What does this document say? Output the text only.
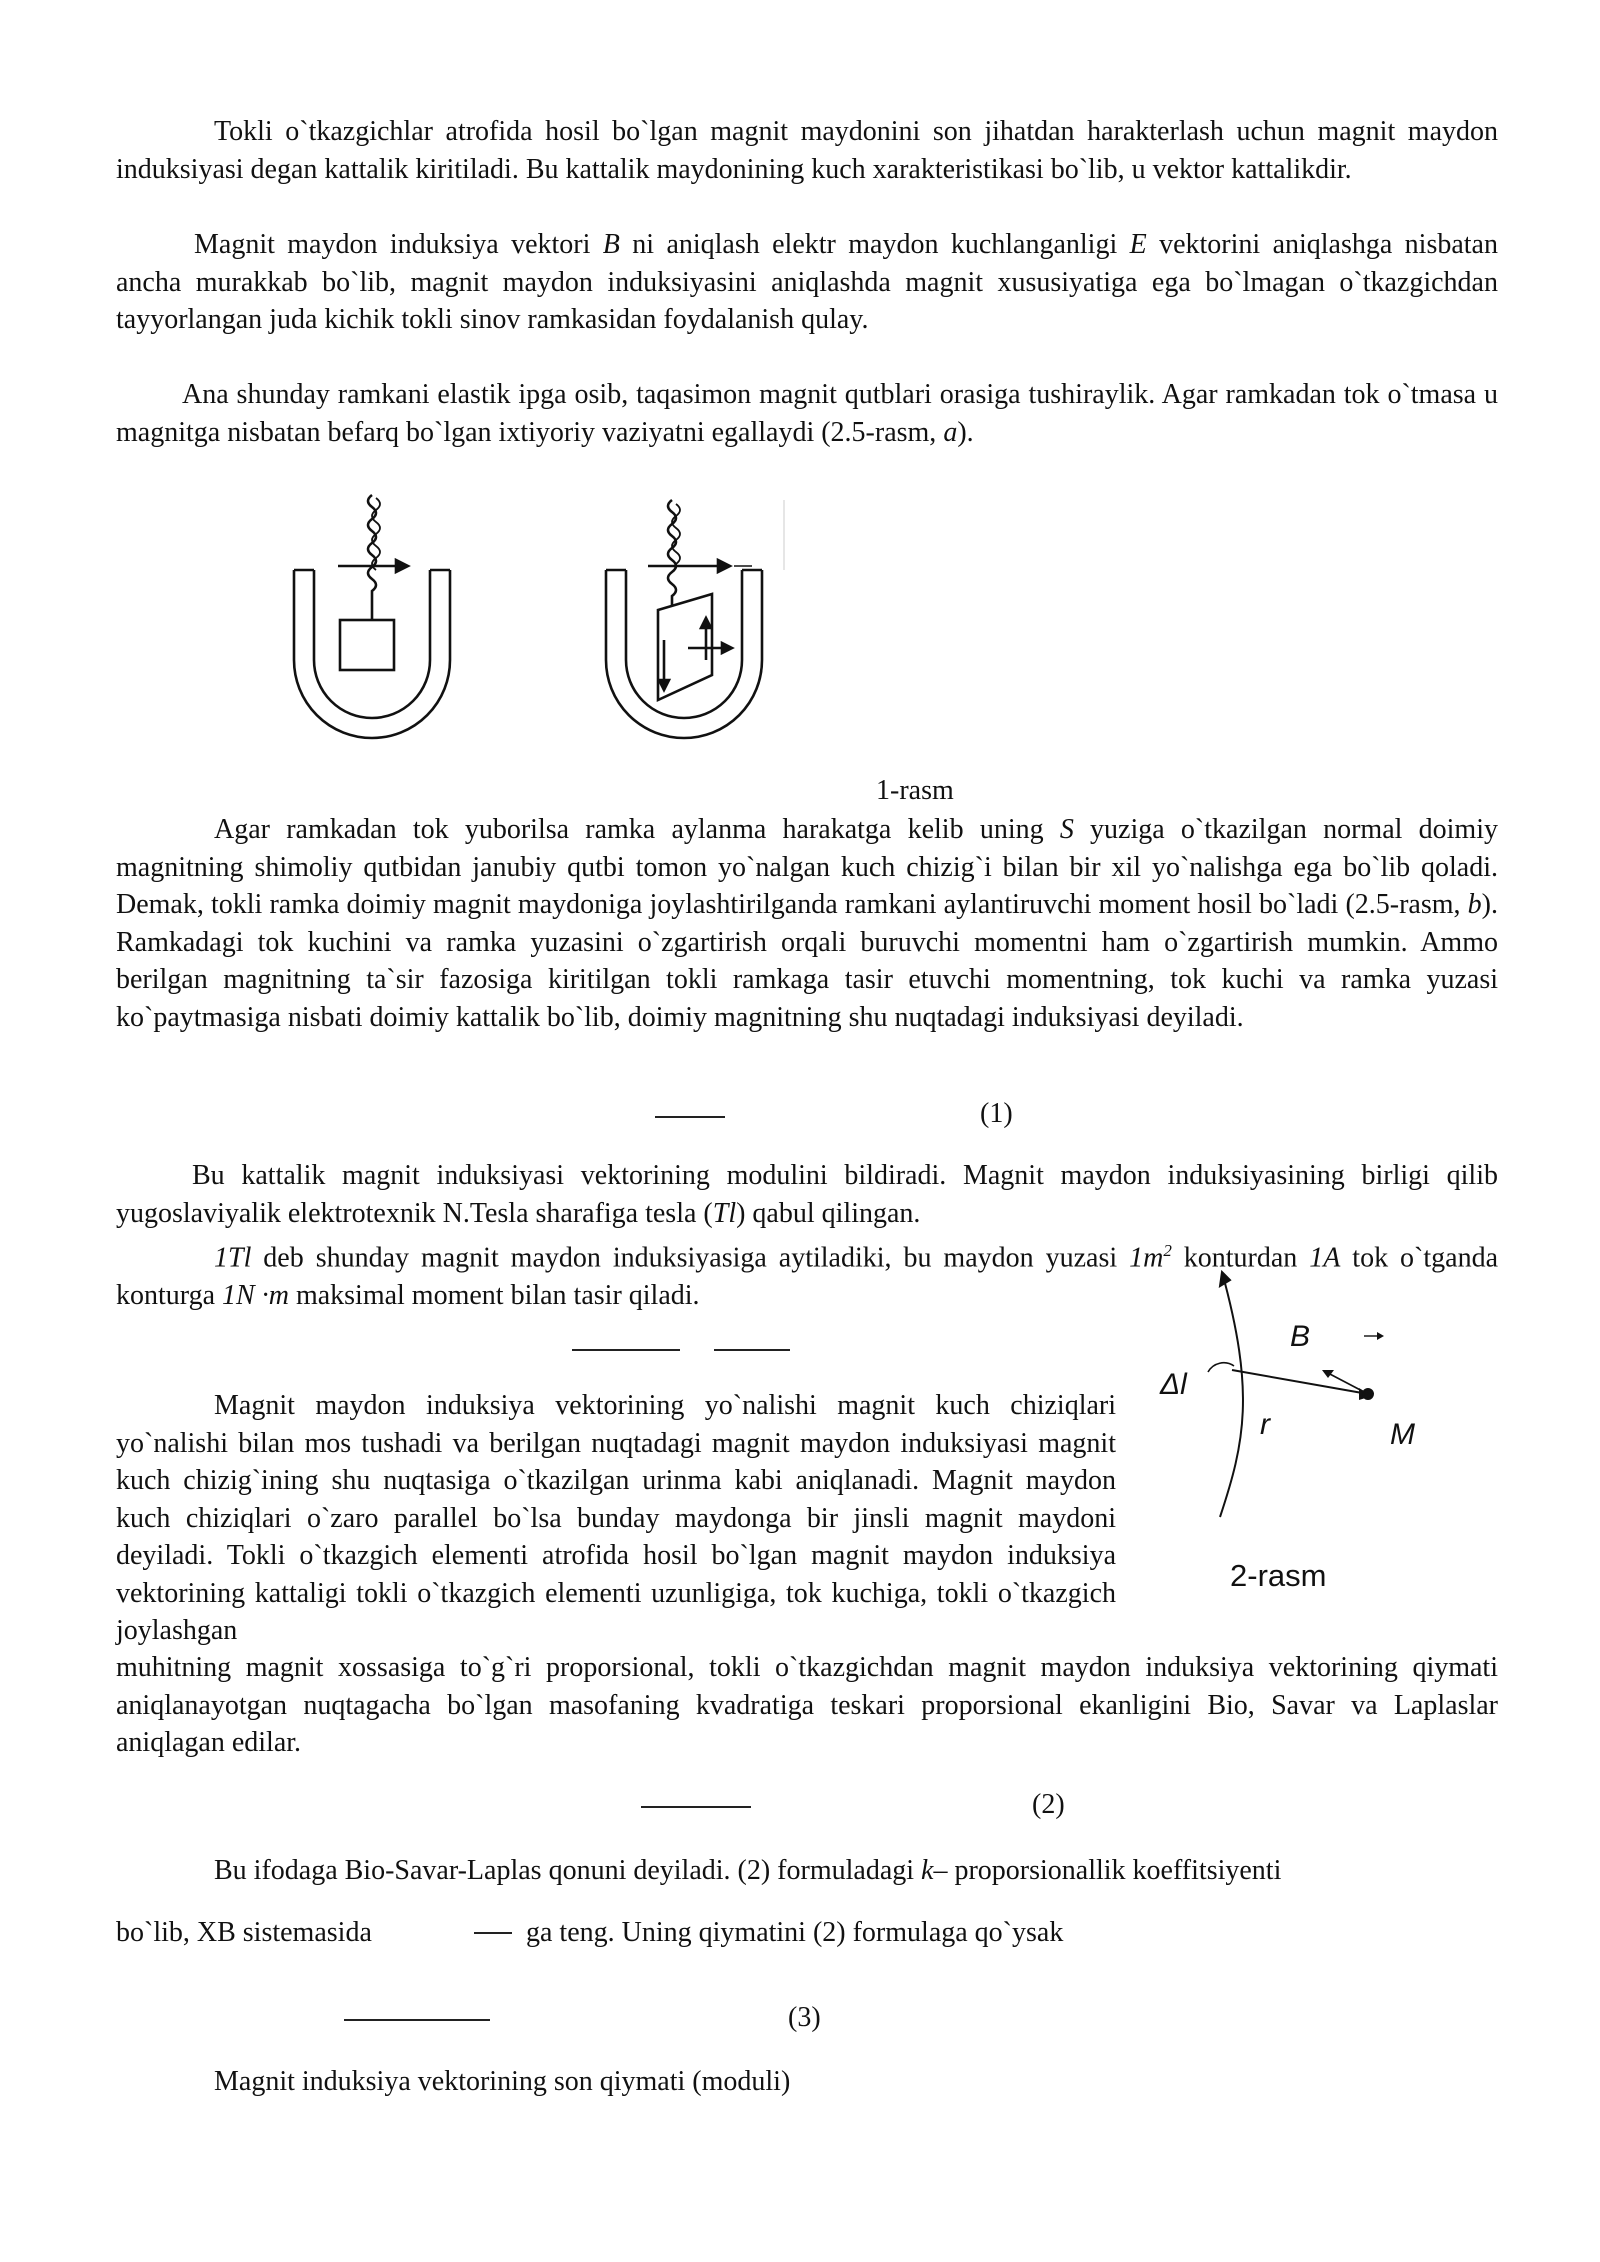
Tokli o`tkazgichlar atrofida hosil bo`lgan magnit maydonini son jihatdan harakterlash uchun magnit maydon induksiyasi degan kattalik kiritiladi. Bu kattalik maydonining kuch xarakteristikasi bo`lib, u vektor kattalikdir.

Magnit maydon induksiya vektori B ni aniqlash elektr maydon kuchlanganligi E vektorini aniqlashga nisbatan ancha murakkab bo`lib, magnit maydon induksiyasini aniqlashda magnit xususiyatiga ega bo`lmagan o`tkazgichdan tayyorlangan juda kichik tokli sinov ramkasidan foydalanish qulay.

Ana shunday ramkani elastik ipga osib, taqasimon magnit qutblari orasiga tushiraylik. Agar ramkadan tok o`tmasa u magnitga nisbatan befarq bo`lgan ixtiyoriy vaziyatni egallaydi (2.5-rasm, a).

1-rasm

Agar ramkadan tok yuborilsa ramka aylanma harakatga kelib uning S yuziga o`tkazilgan normal doimiy magnitning shimoliy qutbidan janubiy qutbi tomon yo`nalgan kuch chizig`i bilan bir xil yo`nalishga ega bo`lib qoladi. Demak, tokli ramka doimiy magnit maydoniga joylashtirilganda ramkani aylantiruvchi moment hosil bo`ladi (2.5-rasm, b). Ramkadagi tok kuchini va ramka yuzasini o`zgartirish orqali buruvchi momentni ham o`zgartirish mumkin. Ammo berilgan magnitning ta`sir fazosiga kiritilgan tokli ramkaga tasir etuvchi momentning, tok kuchi va ramka yuzasi ko`paytmasiga nisbati doimiy kattalik bo`lib, doimiy magnitning shu nuqtadagi induksiyasi deyiladi.

(1)

Bu kattalik magnit induksiyasi vektorining modulini bildiradi. Magnit maydon induksiyasining birligi qilib yugoslaviyalik elektrotexnik N.Tesla sharafiga tesla (Tl) qabul qilingan.

1Tl deb shunday magnit maydon induksiyasiga aytiladiki, bu maydon yuzasi $1m^2$ konturdan 1A tok o`tganda konturga 1N ·m maksimal moment bilan tasir qiladi.

Magnit maydon induksiya vektorining yo`nalishi magnit kuch chiziqlari yo`nalishi bilan mos tushadi va berilgan nuqtadagi magnit maydon induksiyasi magnit kuch chizig`ining shu nuqtasiga o`tkazilgan urinma kabi aniqlanadi. Magnit maydon kuch chiziqlari o`zaro parallel bo`lsa bunday maydonga bir jinsli magnit maydoni deyiladi. Tokli o`tkazgich elementi atrofida hosil bo`lgan magnit maydon induksiya vektorining kattaligi tokli o`tkazgich elementi uzunligiga, tok kuchiga, tokli o`tkazgich joylashgan

muhitning magnit xossasiga to`g`ri proporsional, tokli o`tkazgichdan magnit maydon induksiya vektorining qiymati aniqlanayotgan nuqtagacha bo`lgan masofaning kvadratiga teskari proporsional ekanligini Bio, Savar va Laplaslar aniqlagan edilar.

B
Δl
r	M
2-rasm
(2)

Bu ifodaga Bio-Savar-Laplas qonuni deyiladi. (2) formuladagi k– proporsionallik koeffitsiyenti

bo`lib, XB sistemasida	ga teng. Uning qiymatini (2) formulaga qo`ysak
(3)
Magnit induksiya vektorining son qiymati (moduli)
